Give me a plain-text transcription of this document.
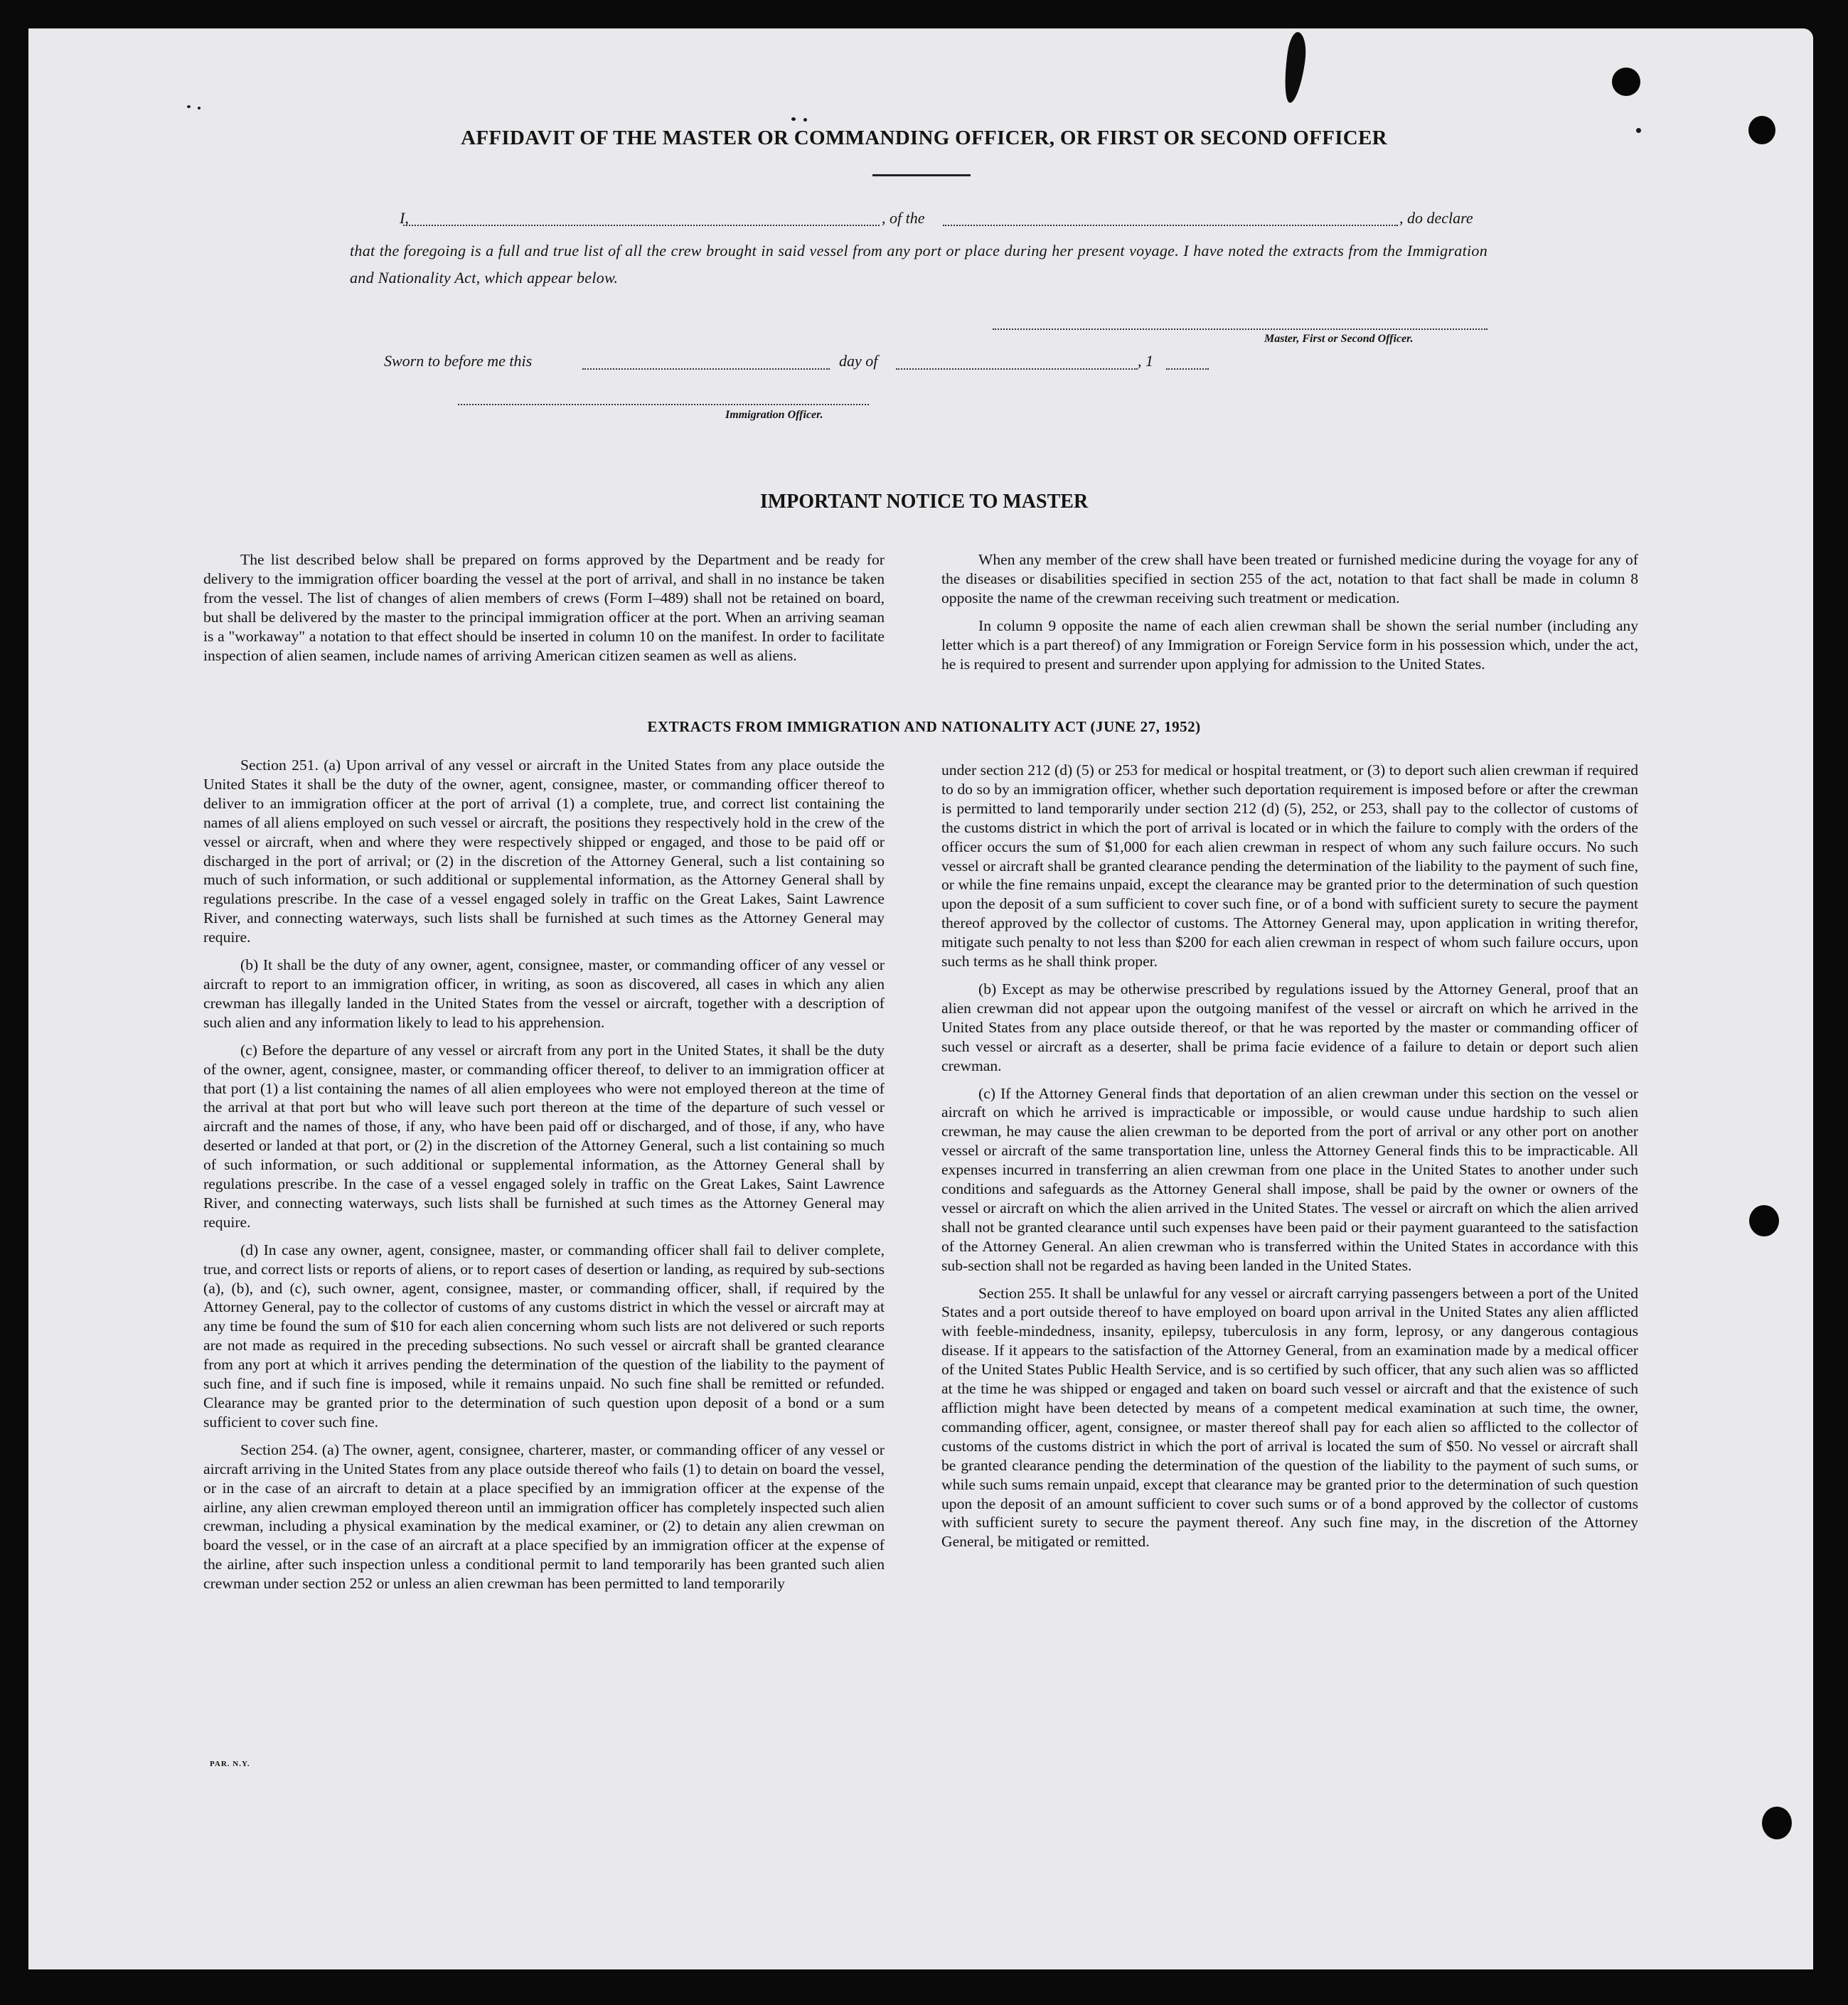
AFFIDAVIT OF THE MASTER OR COMMANDING OFFICER, OR FIRST OR SECOND OFFICER
I,	, of the	, do declare
that the foregoing is a full and true list of all the crew brought in said vessel from any port or place during her present voyage. I have noted the extracts from the Immigration and Nationality Act, which appear below.
Master, First or Second Officer.
Sworn to before me this	day of	, 1
Immigration Officer.
IMPORTANT NOTICE TO MASTER

The list described below shall be prepared on forms approved by the Department and be ready for delivery to the immigration officer boarding the vessel at the port of arrival, and shall in no instance be taken from the vessel. The list of changes of alien members of crews (Form I–489) shall not be retained on board, but shall be delivered by the master to the principal immigration officer at the port. When an arriving seaman is a "workaway" a notation to that effect should be inserted in column 10 on the manifest. In order to facilitate inspection of alien seamen, include names of arriving American citizen seamen as well as aliens.

When any member of the crew shall have been treated or furnished medicine during the voyage for any of the diseases or disabilities specified in section 255 of the act, notation to that fact shall be made in column 8 opposite the name of the crewman receiving such treatment or medication.

In column 9 opposite the name of each alien crewman shall be shown the serial number (including any letter which is a part thereof) of any Immigration or Foreign Service form in his possession which, under the act, he is required to present and surrender upon applying for admission to the United States.

EXTRACTS FROM IMMIGRATION AND NATIONALITY ACT (JUNE 27, 1952)

Section 251. (a) Upon arrival of any vessel or aircraft in the United States from any place outside the United States it shall be the duty of the owner, agent, consignee, master, or commanding officer thereof to deliver to an immigration officer at the port of arrival (1) a complete, true, and correct list containing the names of all aliens employed on such vessel or aircraft, the positions they respectively hold in the crew of the vessel or aircraft, when and where they were respectively shipped or engaged, and those to be paid off or discharged in the port of arrival; or (2) in the discretion of the Attorney General, such a list containing so much of such information, or such additional or supplemental information, as the Attorney General shall by regulations prescribe. In the case of a vessel engaged solely in traffic on the Great Lakes, Saint Lawrence River, and connecting waterways, such lists shall be furnished at such times as the Attorney General may require.

(b) It shall be the duty of any owner, agent, consignee, master, or commanding officer of any vessel or aircraft to report to an immigration officer, in writing, as soon as discovered, all cases in which any alien crewman has illegally landed in the United States from the vessel or aircraft, together with a description of such alien and any information likely to lead to his apprehension.

(c) Before the departure of any vessel or aircraft from any port in the United States, it shall be the duty of the owner, agent, consignee, master, or commanding officer thereof, to deliver to an immigration officer at that port (1) a list containing the names of all alien employees who were not employed thereon at the time of the arrival at that port but who will leave such port thereon at the time of the departure of such vessel or aircraft and the names of those, if any, who have been paid off or discharged, and of those, if any, who have deserted or landed at that port, or (2) in the discretion of the Attorney General, such a list containing so much of such information, or such additional or supplemental information, as the Attorney General shall by regulations prescribe. In the case of a vessel engaged solely in traffic on the Great Lakes, Saint Lawrence River, and connecting waterways, such lists shall be furnished at such times as the Attorney General may require.

(d) In case any owner, agent, consignee, master, or commanding officer shall fail to deliver complete, true, and correct lists or reports of aliens, or to report cases of desertion or landing, as required by sub-sections (a), (b), and (c), such owner, agent, consignee, master, or commanding officer, shall, if required by the Attorney General, pay to the collector of customs of any customs district in which the vessel or aircraft may at any time be found the sum of $10 for each alien concerning whom such lists are not delivered or such reports are not made as required in the preceding subsections. No such vessel or aircraft shall be granted clearance from any port at which it arrives pending the determination of the question of the liability to the payment of such fine, and if such fine is imposed, while it remains unpaid. No such fine shall be remitted or refunded. Clearance may be granted prior to the determination of such question upon deposit of a bond or a sum sufficient to cover such fine.

Section 254. (a) The owner, agent, consignee, charterer, master, or commanding officer of any vessel or aircraft arriving in the United States from any place outside thereof who fails (1) to detain on board the vessel, or in the case of an aircraft to detain at a place specified by an immigration officer at the expense of the airline, any alien crewman employed thereon until an immigration officer has completely inspected such alien crewman, including a physical examination by the medical examiner, or (2) to detain any alien crewman on board the vessel, or in the case of an aircraft at a place specified by an immigration officer at the expense of the airline, after such inspection unless a conditional permit to land temporarily has been granted such alien crewman under section 252 or unless an alien crewman has been permitted to land temporarily

under section 212 (d) (5) or 253 for medical or hospital treatment, or (3) to deport such alien crewman if required to do so by an immigration officer, whether such deportation requirement is imposed before or after the crewman is permitted to land temporarily under section 212 (d) (5), 252, or 253, shall pay to the collector of customs of the customs district in which the port of arrival is located or in which the failure to comply with the orders of the officer occurs the sum of $1,000 for each alien crewman in respect of whom any such failure occurs. No such vessel or aircraft shall be granted clearance pending the determination of the liability to the payment of such fine, or while the fine remains unpaid, except the clearance may be granted prior to the determination of such question upon the deposit of a sum sufficient to cover such fine, or of a bond with sufficient surety to secure the payment thereof approved by the collector of customs. The Attorney General may, upon application in writing therefor, mitigate such penalty to not less than $200 for each alien crewman in respect of whom such failure occurs, upon such terms as he shall think proper.

(b) Except as may be otherwise prescribed by regulations issued by the Attorney General, proof that an alien crewman did not appear upon the outgoing manifest of the vessel or aircraft on which he arrived in the United States from any place outside thereof, or that he was reported by the master or commanding officer of such vessel or aircraft as a deserter, shall be prima facie evidence of a failure to detain or deport such alien crewman.

(c) If the Attorney General finds that deportation of an alien crewman under this section on the vessel or aircraft on which he arrived is impracticable or impossible, or would cause undue hardship to such alien crewman, he may cause the alien crewman to be deported from the port of arrival or any other port on another vessel or aircraft of the same transportation line, unless the Attorney General finds this to be impracticable. All expenses incurred in transferring an alien crewman from one place in the United States to another under such conditions and safeguards as the Attorney General shall impose, shall be paid by the owner or owners of the vessel or aircraft on which the alien arrived in the United States. The vessel or aircraft on which the alien arrived shall not be granted clearance until such expenses have been paid or their payment guaranteed to the satisfaction of the Attorney General. An alien crewman who is transferred within the United States in accordance with this sub-section shall not be regarded as having been landed in the United States.

Section 255. It shall be unlawful for any vessel or aircraft carrying passengers between a port of the United States and a port outside thereof to have employed on board upon arrival in the United States any alien afflicted with feeble-mindedness, insanity, epilepsy, tuberculosis in any form, leprosy, or any dangerous contagious disease. If it appears to the satisfaction of the Attorney General, from an examination made by a medical officer of the United States Public Health Service, and is so certified by such officer, that any such alien was so afflicted at the time he was shipped or engaged and taken on board such vessel or aircraft and that the existence of such affliction might have been detected by means of a competent medical examination at such time, the owner, commanding officer, agent, consignee, or master thereof shall pay for each alien so afflicted to the collector of customs of the customs district in which the port of arrival is located the sum of $50. No vessel or aircraft shall be granted clearance pending the determination of the question of the liability to the payment of such sums, or while such sums remain unpaid, except that clearance may be granted prior to the determination of such question upon the deposit of an amount sufficient to cover such sums or of a bond approved by the collector of customs with sufficient surety to secure the payment thereof. Any such fine may, in the discretion of the Attorney General, be mitigated or remitted.

PAR. N.Y.
